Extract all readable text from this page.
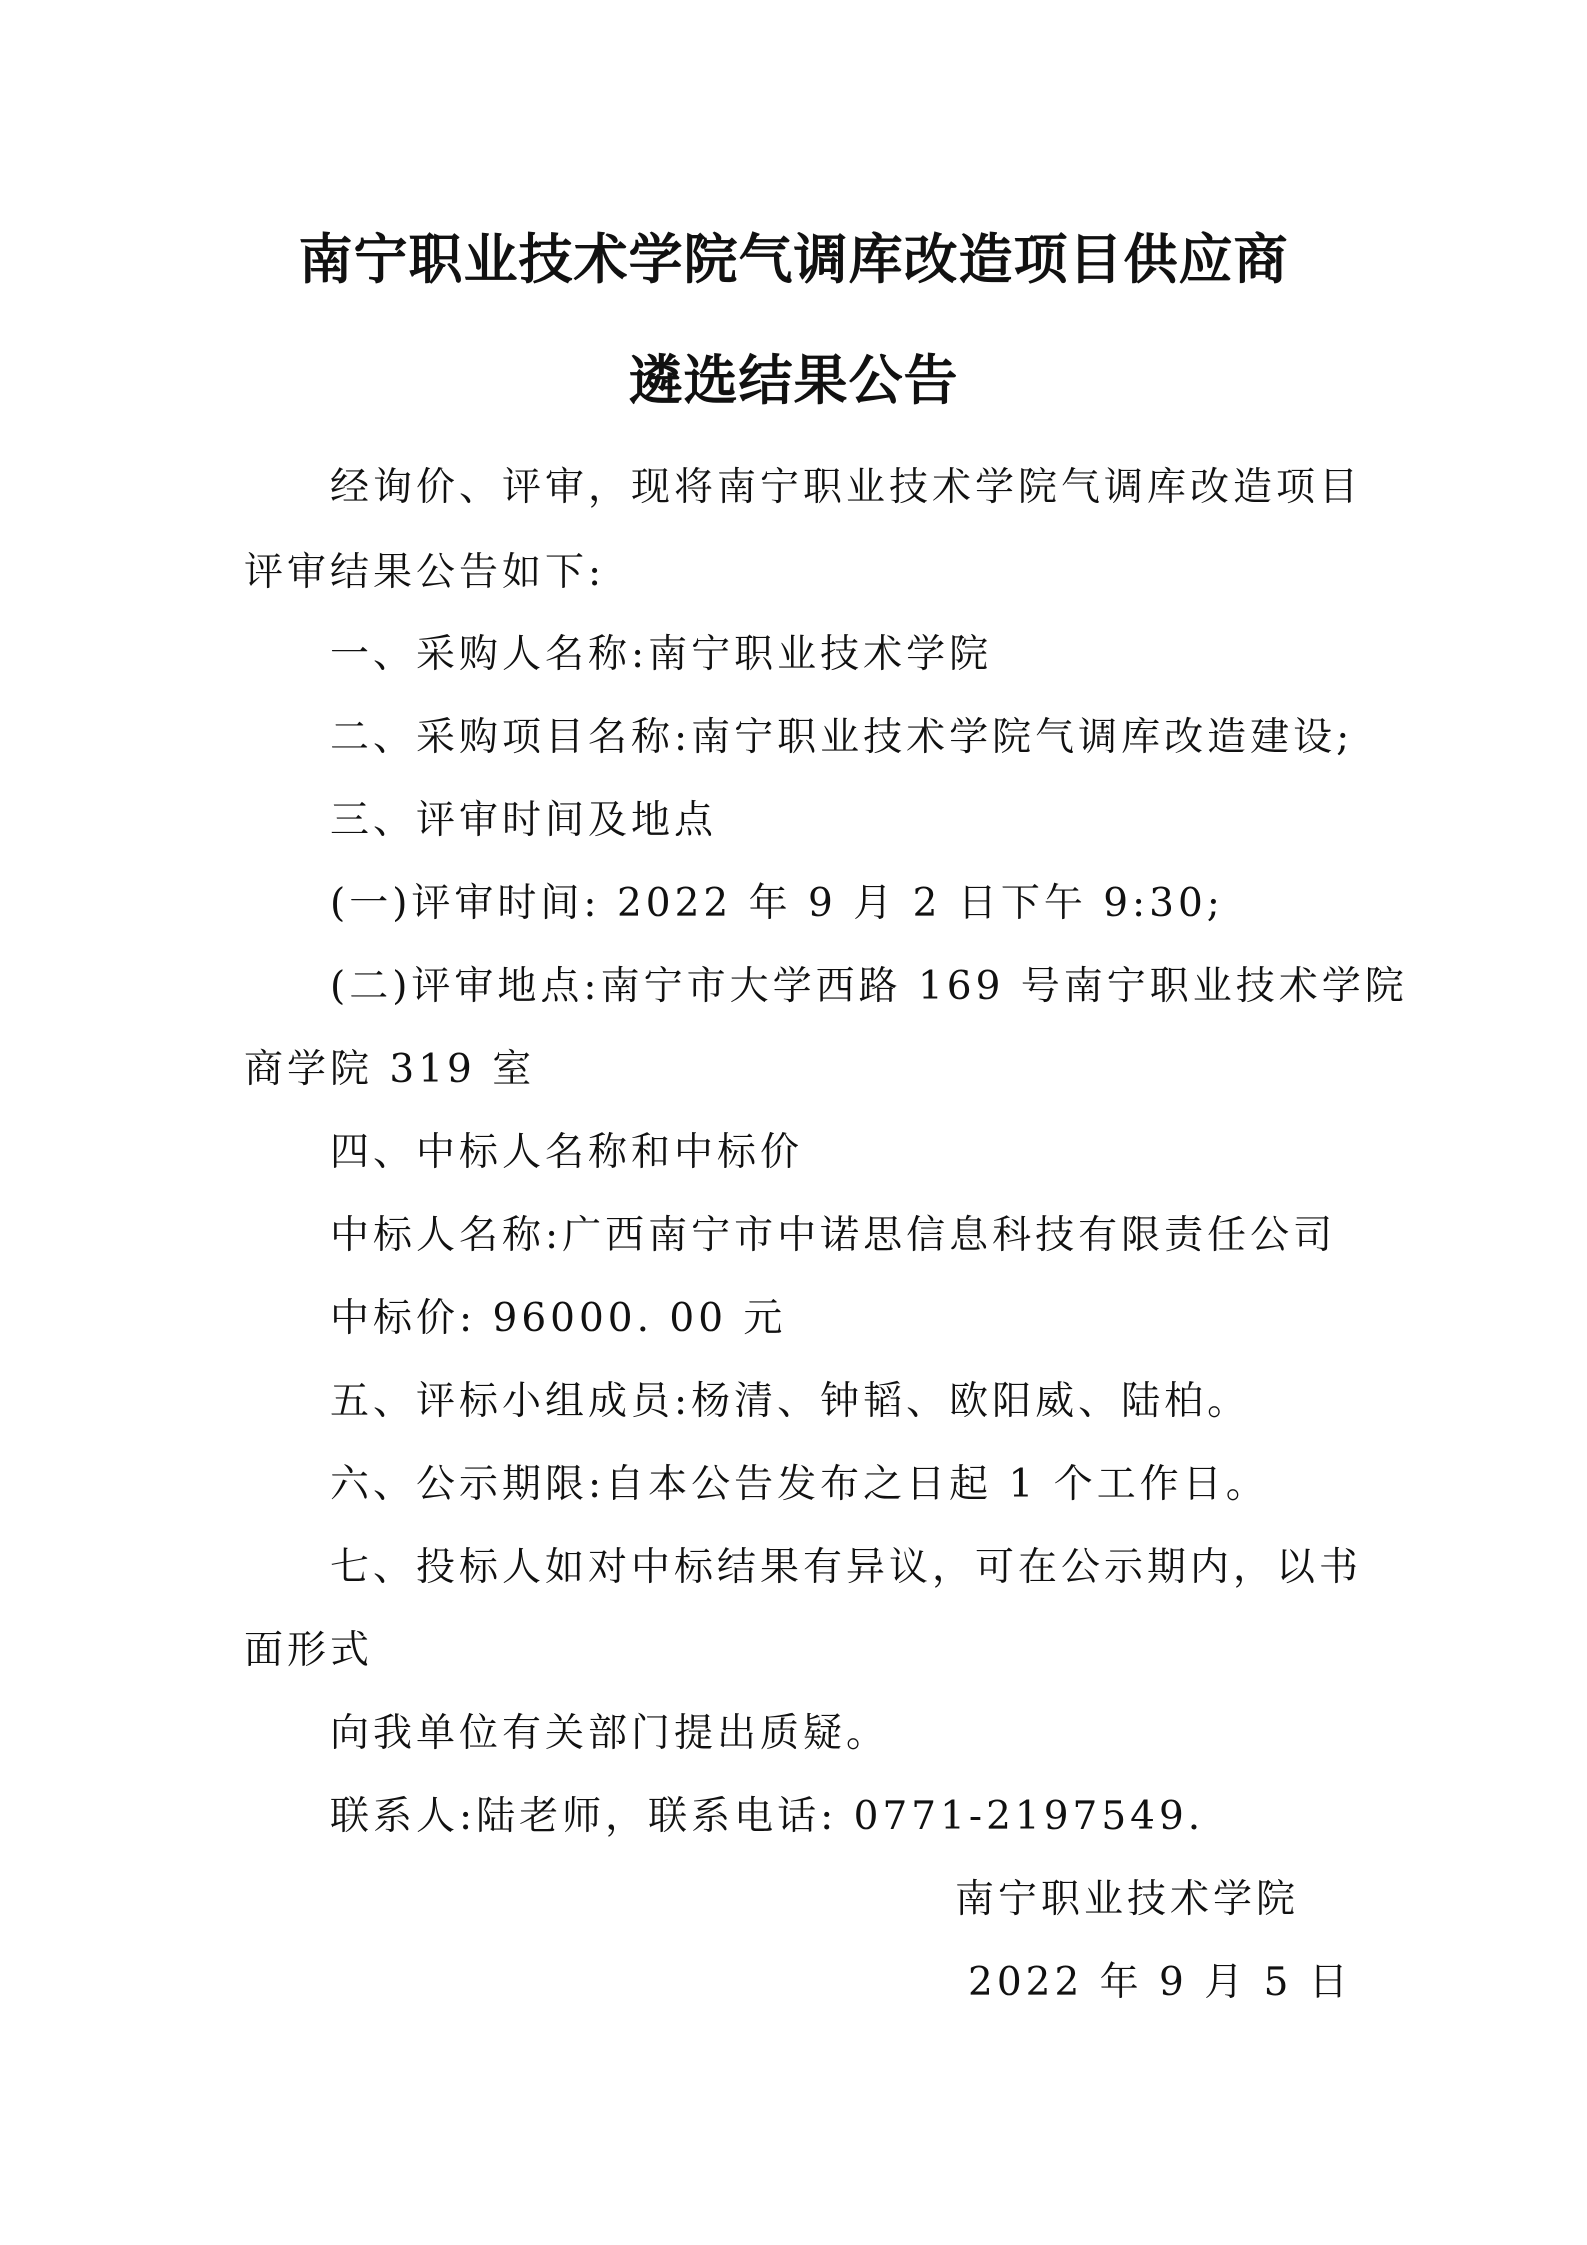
南宁职业技术学院气调库改造项目供应商
遴选结果公告
经询价、评审，现将南宁职业技术学院气调库改造项目
评审结果公告如下:
一、采购人名称:南宁职业技术学院
二、采购项目名称:南宁职业技术学院气调库改造建设;
三、评审时间及地点
(一)评审时间: 2022 年 9 月 2 日下午 9:30;
(二)评审地点:南宁市大学西路 169 号南宁职业技术学院
商学院 319 室
四、中标人名称和中标价
中标人名称:广西南宁市中诺思信息科技有限责任公司
中标价: 96000. 00 元
五、评标小组成员:杨清、钟韬、欧阳威、陆柏。
六、公示期限:自本公告发布之日起 1 个工作日。
七、投标人如对中标结果有异议，可在公示期内，以书
面形式
向我单位有关部门提出质疑。
联系人:陆老师，联系电话: 0771-2197549.
南宁职业技术学院
2022 年 9 月 5 日
